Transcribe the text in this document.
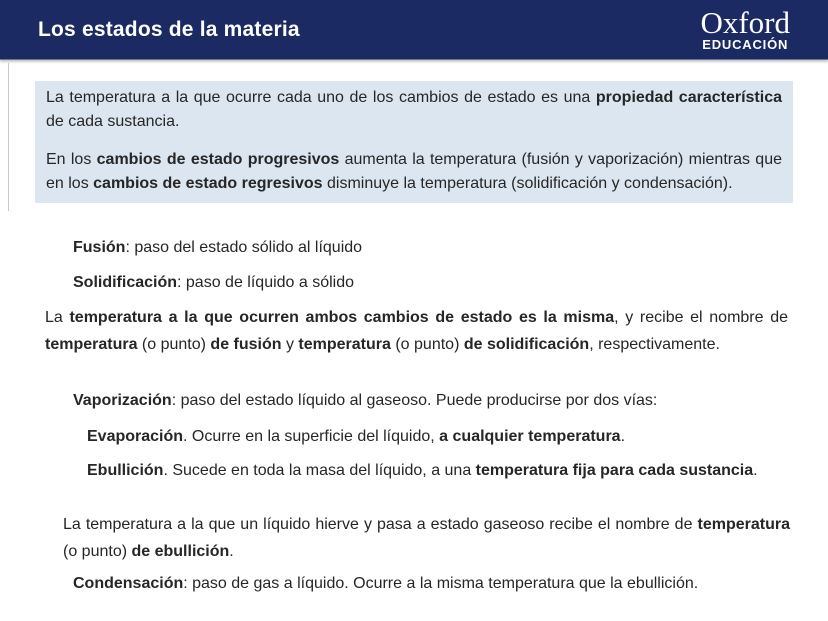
Los estados de la materia	Oxford
EDUCACIÓN

La temperatura a la que ocurre cada uno de los cambios de estado es una propiedad característica de cada sustancia.

En los cambios de estado progresivos aumenta la temperatura (fusión y vaporización) mientras que en los cambios de estado regresivos disminuye la temperatura (solidificación y condensación).

Fusión: paso del estado sólido al líquido
Solidificación: paso de líquido a sólido

La temperatura a la que ocurren ambos cambios de estado es la misma, y recibe el nombre de temperatura (o punto) de fusión y temperatura (o punto) de solidificación, respectivamente.

Vaporización: paso del estado líquido al gaseoso. Puede producirse por dos vías:
Evaporación. Ocurre en la superficie del líquido, a cualquier temperatura.
Ebullición. Sucede en toda la masa del líquido, a una temperatura fija para cada sustancia.

La temperatura a la que un líquido hierve y pasa a estado gaseoso recibe el nombre de temperatura (o punto) de ebullición.

Condensación: paso de gas a líquido. Ocurre a la misma temperatura que la ebullición.
